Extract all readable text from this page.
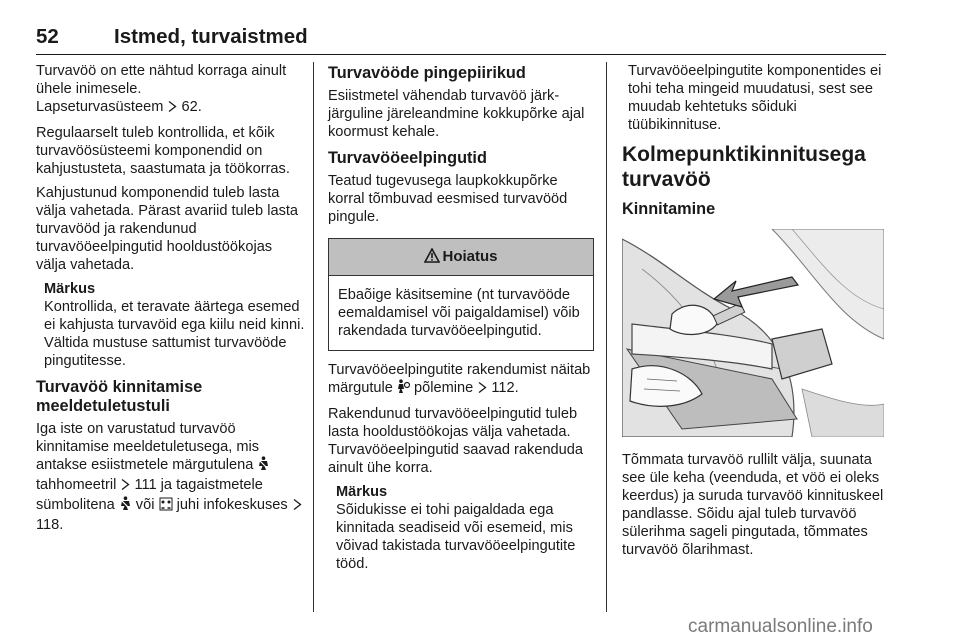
52	Istmed, turvaistmed

Turvavöö on ette nähtud korraga ainult ühele inimesele.
Lapseturvasüsteem  62.

Regulaarselt tuleb kontrollida, et kõik turvavöösüsteemi komponendid on kahjustusteta, saastumata ja töökorras.

Kahjustunud komponendid tuleb lasta välja vahetada. Pärast avariid tuleb lasta turvavööd ja rakendunud turvavööeelpingutid hooldustöökojas välja vahetada.

Märkus
Kontrollida, et teravate äärtega esemed ei kahjusta turvavöid ega kiilu neid kinni. Vältida mustuse sattumist turvavööde pingutitesse.
Turvavöö kinnitamise
meeldetuletustuli

Iga iste on varustatud turvavöö kinnitamise meeldetuletusega, mis antakse esiistmetele märgutulena
tahhomeetril  111 ja tagaistmetele sümbolitena  või  juhi infokeskuses  118.

Turvavööde pingepiirikud

Esiistmetel vähendab turvavöö järk-järguline järeleandmine kokkupõrke ajal koormust kehale.

Turvavööeelpingutid

Teatud tugevusega laupkokkupõrke korral tõmbuvad eesmised turvavööd pingule.

Hoiatus
Ebaõige käsitsemine (nt turvavööde eemaldamisel või paigaldamisel) võib rakendada turvavööeelpingutid.

Turvavööeelpingutite rakendumist näitab märgutule  põlemine  112.

Rakendunud turvavööeelpingutid tuleb lasta hooldustöökojas välja vahetada. Turvavööeelpingutid saavad rakenduda ainult ühe korra.

Märkus
Sõidukisse ei tohi paigaldada ega kinnitada seadiseid või esemeid, mis võivad takistada turvavööeelpingutite tööd.

Turvavööeelpingutite komponentides ei tohi teha mingeid muudatusi, sest see muudab kehtetuks sõiduki tüübikinnituse.

Kolmepunktikinnitusega
turvavöö
Kinnitamine

Tõmmata turvavöö rullilt välja, suunata see üle keha (veenduda, et vöö ei oleks keerdus) ja suruda turvavöö kinnituskeel pandlasse. Sõidu ajal tuleb turvavöö sülerihma sageli pingutada, tõmmates turvavöö õlarihmast.

carmanualsonline.info
